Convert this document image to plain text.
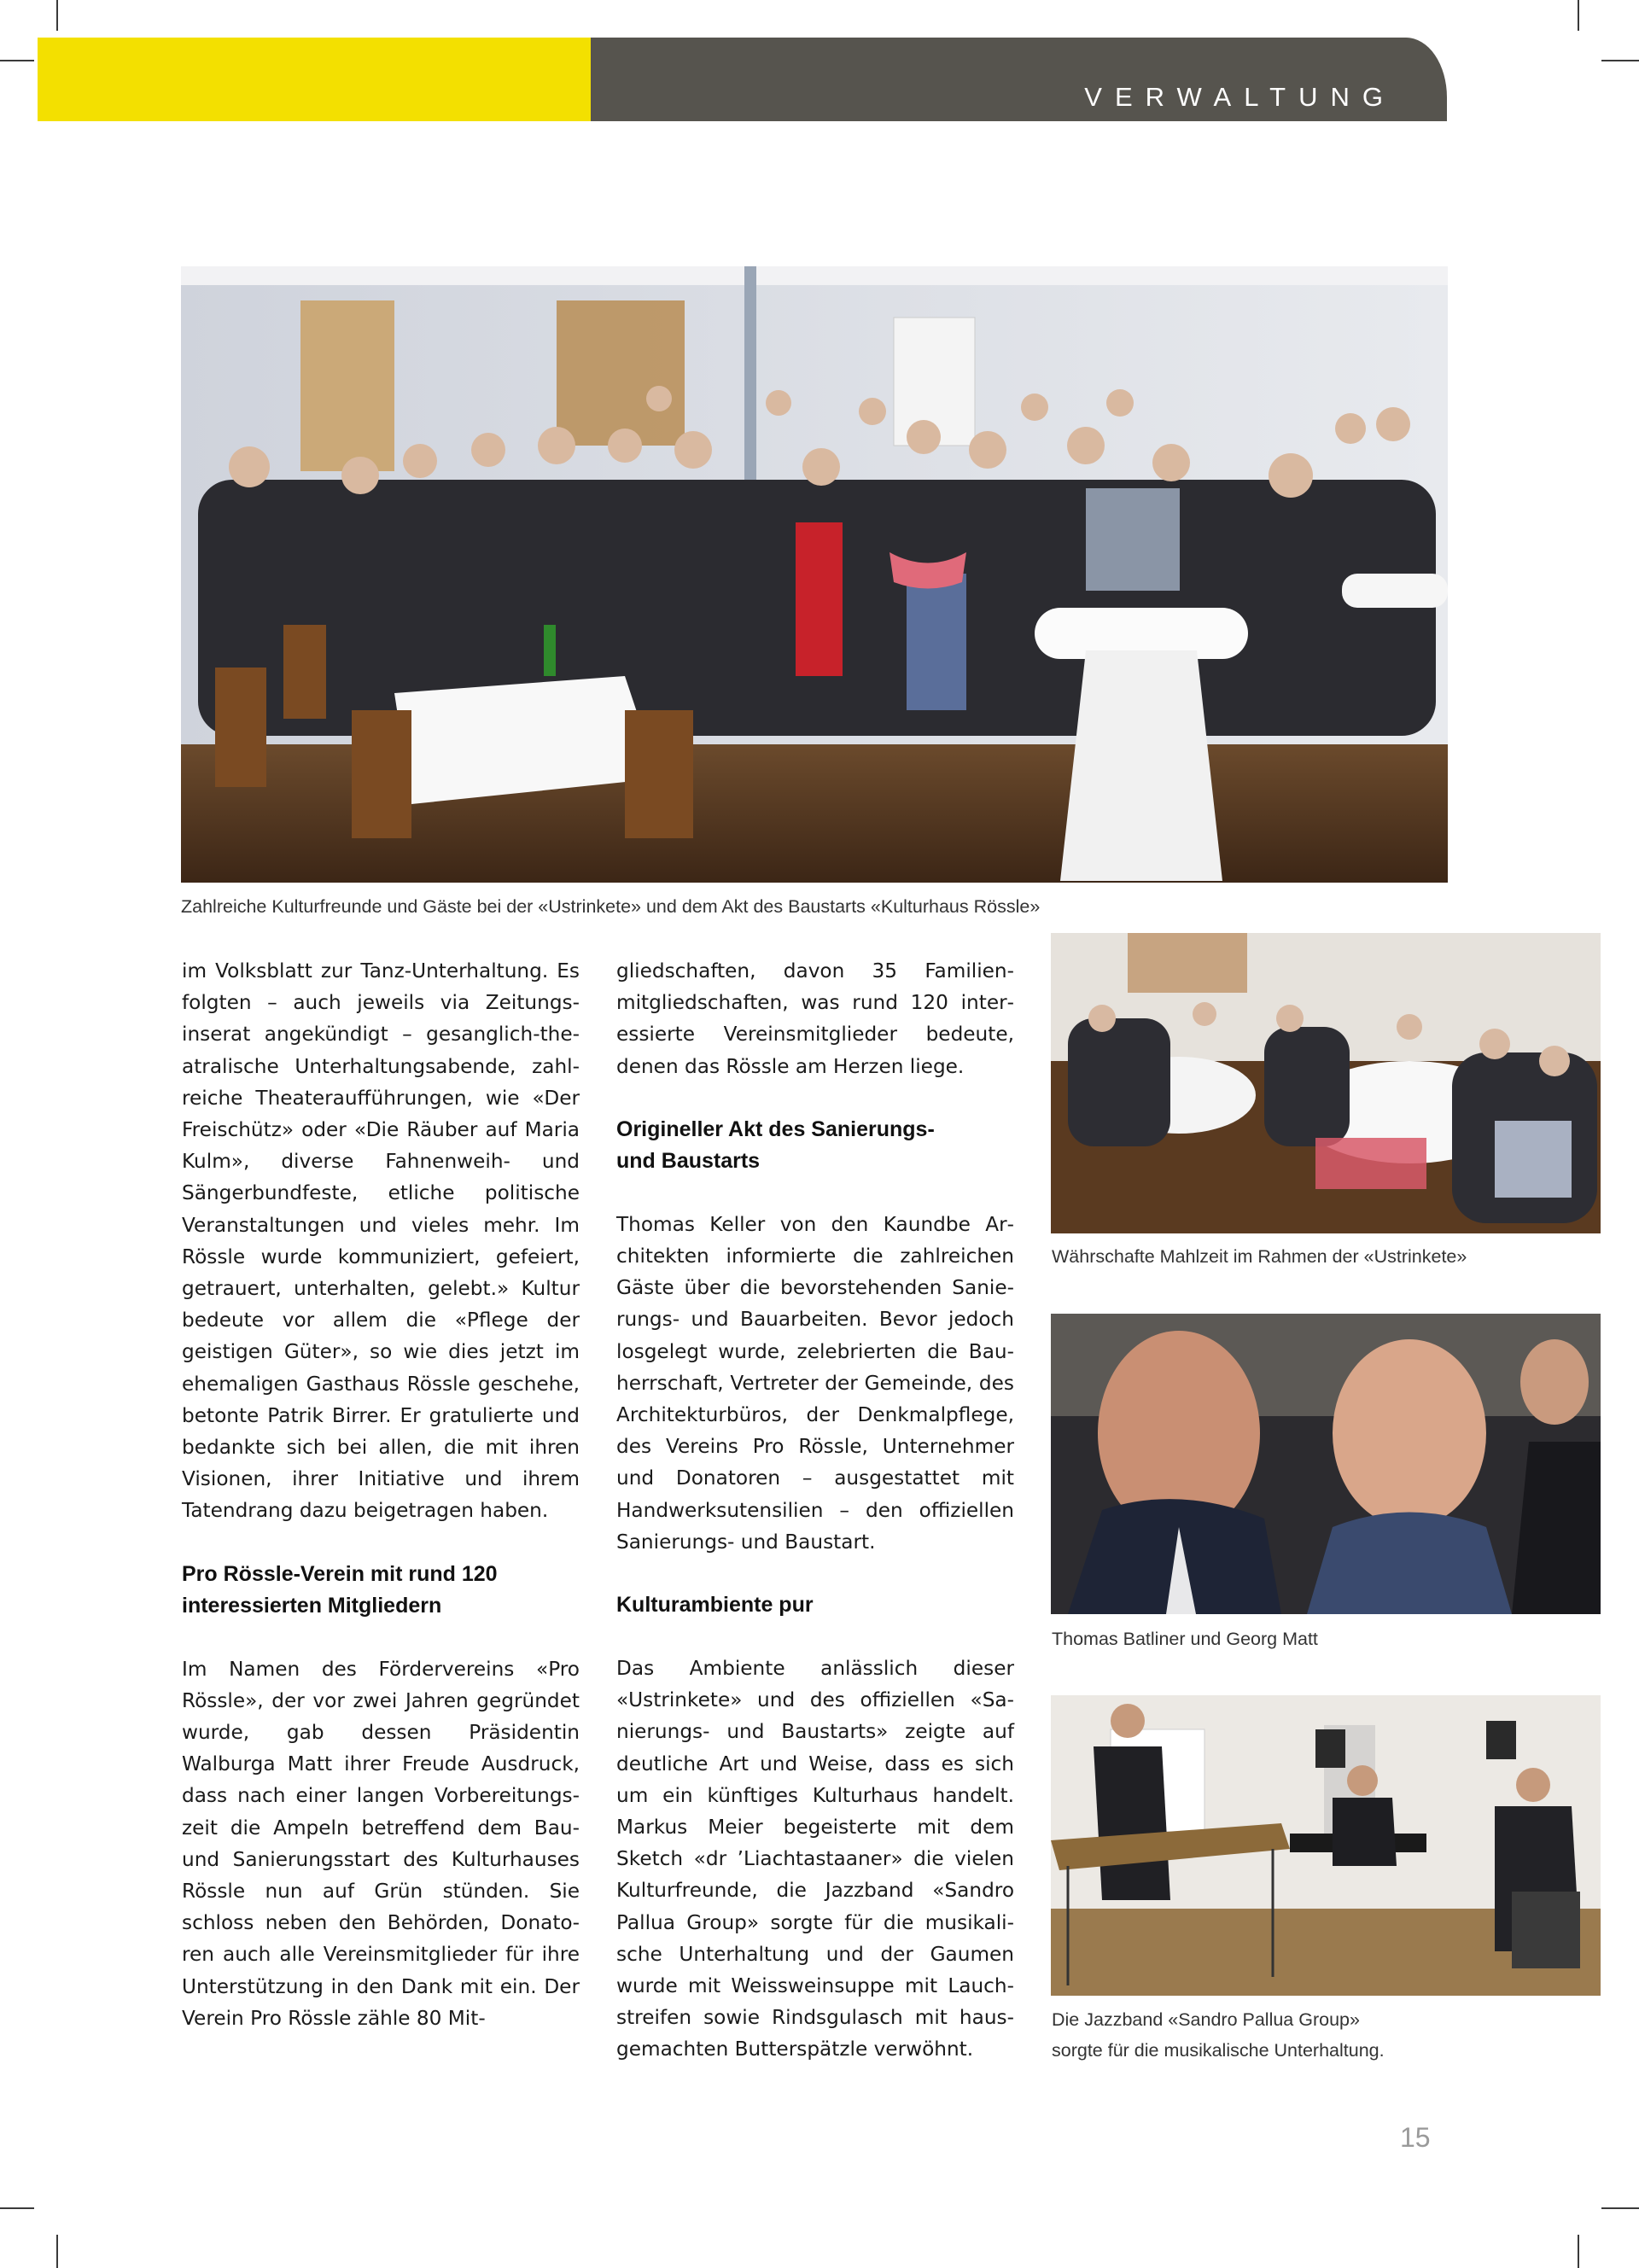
VERWALTUNG
Zahlreiche Kulturfreunde und Gäste bei der «Ustrinkete» und dem Akt des Baustarts «Kulturhaus Rössle»

im Volksblatt zur Tanz-Unterhaltung. Es folgten – auch jeweils via Zeitungsinserat angekündigt – gesanglich-theatralische Unterhaltungsabende, zahlreiche Theateraufführungen, wie «Der Freischütz» oder «Die Räuber auf Maria Kulm», diverse Fahnenweih- und Sängerbundfeste, etliche politische Veranstaltungen und vieles mehr. Im Rössle wurde kommuniziert, gefeiert, getrauert, unterhalten, gelebt.» Kultur bedeute vor allem die «Pflege der geistigen Güter», so wie dies jetzt im ehemaligen Gasthaus Rössle geschehe, betonte Patrik Birrer. Er gratulierte und bedankte sich bei allen, die mit ihren Visionen, ihrer Initiative und ihrem Tatendrang dazu beigetragen haben.

Pro Rössle-Verein mit rund 120
interessierten Mitgliedern

Im Namen des Fördervereins «Pro Rössle», der vor zwei Jahren gegründet wurde, gab dessen Präsidentin Walburga Matt ihrer Freude Ausdruck, dass nach einer langen Vorbereitungszeit die Ampeln betreffend dem Bau- und Sanierungsstart des Kulturhauses Rössle nun auf Grün stünden. Sie schloss neben den Behörden, Donatoren auch alle Vereinsmitglieder für ihre Unterstützung in den Dank mit ein. Der Verein Pro Rössle zähle 80 Mit-

gliedschaften, davon 35 Familienmitgliedschaften, was rund 120 interessierte Vereinsmitglieder bedeute, denen das Rössle am Herzen liege.

Origineller Akt des Sanierungs-
und Baustarts

Thomas Keller von den Kaundbe Architekten informierte die zahlreichen Gäste über die bevorstehenden Sanierungs- und Bauarbeiten. Bevor jedoch losgelegt wurde, zelebrierten die Bauherrschaft, Vertreter der Gemeinde, des Architekturbüros, der Denkmalpflege, des Vereins Pro Rössle, Unternehmer und Donatoren – ausgestattet mit Handwerksutensilien – den offiziellen Sanierungs- und Baustart.

Kulturambiente pur

Das Ambiente anlässlich dieser «Ustrinkete» und des offiziellen «Sanierungs- und Baustarts» zeigte auf deutliche Art und Weise, dass es sich um ein künftiges Kulturhaus handelt. Markus Meier begeisterte mit dem Sketch «dr ’Liachtastaaner» die vielen Kulturfreunde, die Jazzband «Sandro Pallua Group» sorgte für die musikalische Unterhaltung und der Gaumen wurde mit Weissweinsuppe mit Lauchstreifen sowie Rindsgulasch mit hausgemachten Butterspätzle verwöhnt.

Währschafte Mahlzeit im Rahmen der «Ustrinkete»
Thomas Batliner und Georg Matt
Die Jazzband «Sandro Pallua Group»
sorgte für die musikalische Unterhaltung.
15
